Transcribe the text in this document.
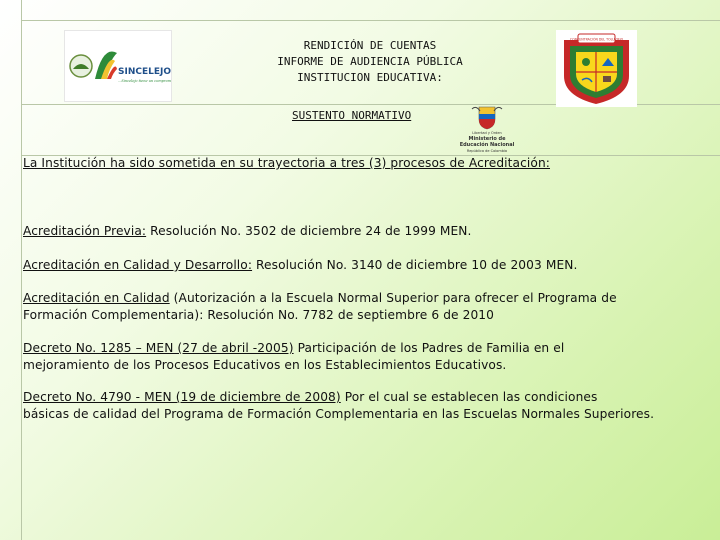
SINCELEJO
...Sincelejo tiene un compromiso
RENDICIÓN DE CUENTAS
INFORME DE AUDIENCIA PÚBLICA
INSTITUCION EDUCATIVA:
CONCENTRACIÓN DEL TOLUVIEJO
SUSTENTO NORMATIVO
Libertad y Orden
Ministerio de
Educación Nacional
República de Colombia
La Institución ha sido sometida en su trayectoria a tres (3) procesos de Acreditación:
Acreditación Previa: Resolución No. 3502 de diciembre 24 de 1999 MEN.
Acreditación en Calidad y Desarrollo: Resolución No. 3140 de diciembre 10 de 2003 MEN.
Acreditación en Calidad (Autorización a la Escuela Normal Superior para ofrecer el Programa de
Formación Complementaria): Resolución No. 7782 de septiembre 6 de 2010
Decreto No. 1285 – MEN (27 de abril -2005) Participación de los Padres de Familia en el
mejoramiento de los Procesos Educativos en los Establecimientos Educativos.
Decreto No. 4790 - MEN (19 de diciembre de 2008) Por el cual se establecen las condiciones
básicas de calidad del Programa de Formación Complementaria en las Escuelas Normales Superiores.
